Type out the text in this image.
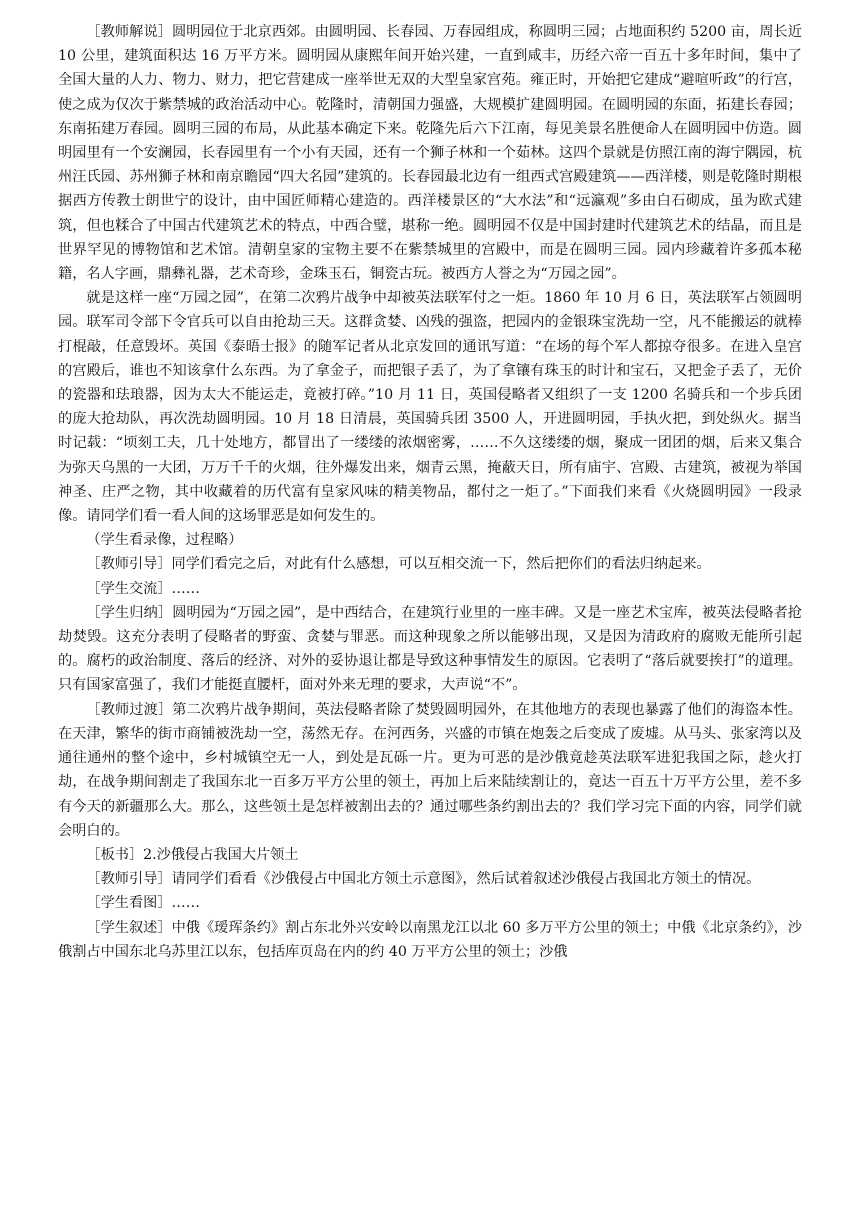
［教师解说］圆明园位于北京西郊。由圆明园、长春园、万春园组成，称圆明三园；占地面积约 5200 亩，周长近 10 公里，建筑面积达 16 万平方米。圆明园从康熙年间开始兴建，一直到咸丰，历经六帝一百五十多年时间，集中了全国大量的人力、物力、财力，把它营建成一座举世无双的大型皇家宫苑。雍正时，开始把它建成“避喧听政”的行宫，使之成为仅次于紫禁城的政治活动中心。乾隆时，清朝国力强盛，大规模扩建圆明园。在圆明园的东面，拓建长春园；东南拓建万春园。圆明三园的布局，从此基本确定下来。乾隆先后六下江南，每见美景名胜便命人在圆明园中仿造。圆明园里有一个安澜园，长春园里有一个小有天园，还有一个狮子林和一个茹林。这四个景就是仿照江南的海宁隅园，杭州汪氏园、苏州狮子林和南京瞻园“四大名园”建筑的。长春园最北边有一组西式宫殿建筑——西洋楼，则是乾隆时期根据西方传教士朗世宁的设计，由中国匠师精心建造的。西洋楼景区的“大水法”和“远瀛观”多由白石砌成，虽为欧式建筑，但也糅合了中国古代建筑艺术的特点，中西合璧，堪称一绝。圆明园不仅是中国封建时代建筑艺术的结晶，而且是世界罕见的博物馆和艺术馆。清朝皇家的宝物主要不在紫禁城里的宫殿中，而是在圆明三园。园内珍藏着许多孤本秘籍，名人字画，鼎彝礼器，艺术奇珍，金珠玉石，铜瓷古玩。被西方人誉之为“万园之园”。

就是这样一座“万园之园”，在第二次鸦片战争中却被英法联军付之一炬。1860 年 10 月 6 日，英法联军占领圆明园。联军司令部下令官兵可以自由抢劫三天。这群贪婪、凶残的强盗，把园内的金银珠宝洗劫一空，凡不能搬运的就棒打棍敲，任意毁坏。英国《泰晤士报》的随军记者从北京发回的通讯写道：“在场的每个军人都掠夺很多。在进入皇宫的宫殿后，谁也不知该拿什么东西。为了拿金子，而把银子丢了，为了拿镶有珠玉的时计和宝石，又把金子丢了，无价的瓷器和珐琅器，因为太大不能运走，竟被打碎。”10 月 11 日，英国侵略者又组织了一支 1200 名骑兵和一个步兵团的庞大抢劫队，再次洗劫圆明园。10 月 18 日清晨，英国骑兵团 3500 人，开进圆明园，手执火把，到处纵火。据当时记载：“顷刻工夫，几十处地方，都冒出了一缕缕的浓烟密雾，……不久这缕缕的烟，聚成一团团的烟，后来又集合为弥天乌黑的一大团，万万千千的火烟，往外爆发出来，烟青云黑，掩蔽天日，所有庙宇、宫殿、古建筑，被视为举国神圣、庄严之物，其中收藏着的历代富有皇家风味的精美物品，都付之一炬了。”下面我们来看《火烧圆明园》一段录像。请同学们看一看人间的这场罪恶是如何发生的。

（学生看录像，过程略）

［教师引导］同学们看完之后，对此有什么感想，可以互相交流一下，然后把你们的看法归纳起来。

［学生交流］……

［学生归纳］圆明园为“万园之园”，是中西结合，在建筑行业里的一座丰碑。又是一座艺术宝库，被英法侵略者抢劫焚毁。这充分表明了侵略者的野蛮、贪婪与罪恶。而这种现象之所以能够出现，又是因为清政府的腐败无能所引起的。腐朽的政治制度、落后的经济、对外的妥协退让都是导致这种事情发生的原因。它表明了“落后就要挨打”的道理。只有国家富强了，我们才能挺直腰杆，面对外来无理的要求，大声说“不”。

［教师过渡］第二次鸦片战争期间，英法侵略者除了焚毁圆明园外，在其他地方的表现也暴露了他们的海盗本性。在天津，繁华的街市商铺被洗劫一空，荡然无存。在河西务，兴盛的市镇在炮轰之后变成了废墟。从马头、张家湾以及通往通州的整个途中，乡村城镇空无一人，到处是瓦砾一片。更为可恶的是沙俄竟趁英法联军进犯我国之际，趁火打劫，在战争期间割走了我国东北一百多万平方公里的领土，再加上后来陆续割让的，竟达一百五十万平方公里，差不多有今天的新疆那么大。那么，这些领土是怎样被割出去的？通过哪些条约割出去的？我们学习完下面的内容，同学们就会明白的。

［板书］2.沙俄侵占我国大片领土

［教师引导］请同学们看看《沙俄侵占中国北方领土示意图》，然后试着叙述沙俄侵占我国北方领土的情况。

［学生看图］……

［学生叙述］中俄《瑷珲条约》割占东北外兴安岭以南黑龙江以北 60 多万平方公里的领土；中俄《北京条约》，沙俄割占中国东北乌苏里江以东，包括库页岛在内的约 40 万平方公里的领土；沙俄
